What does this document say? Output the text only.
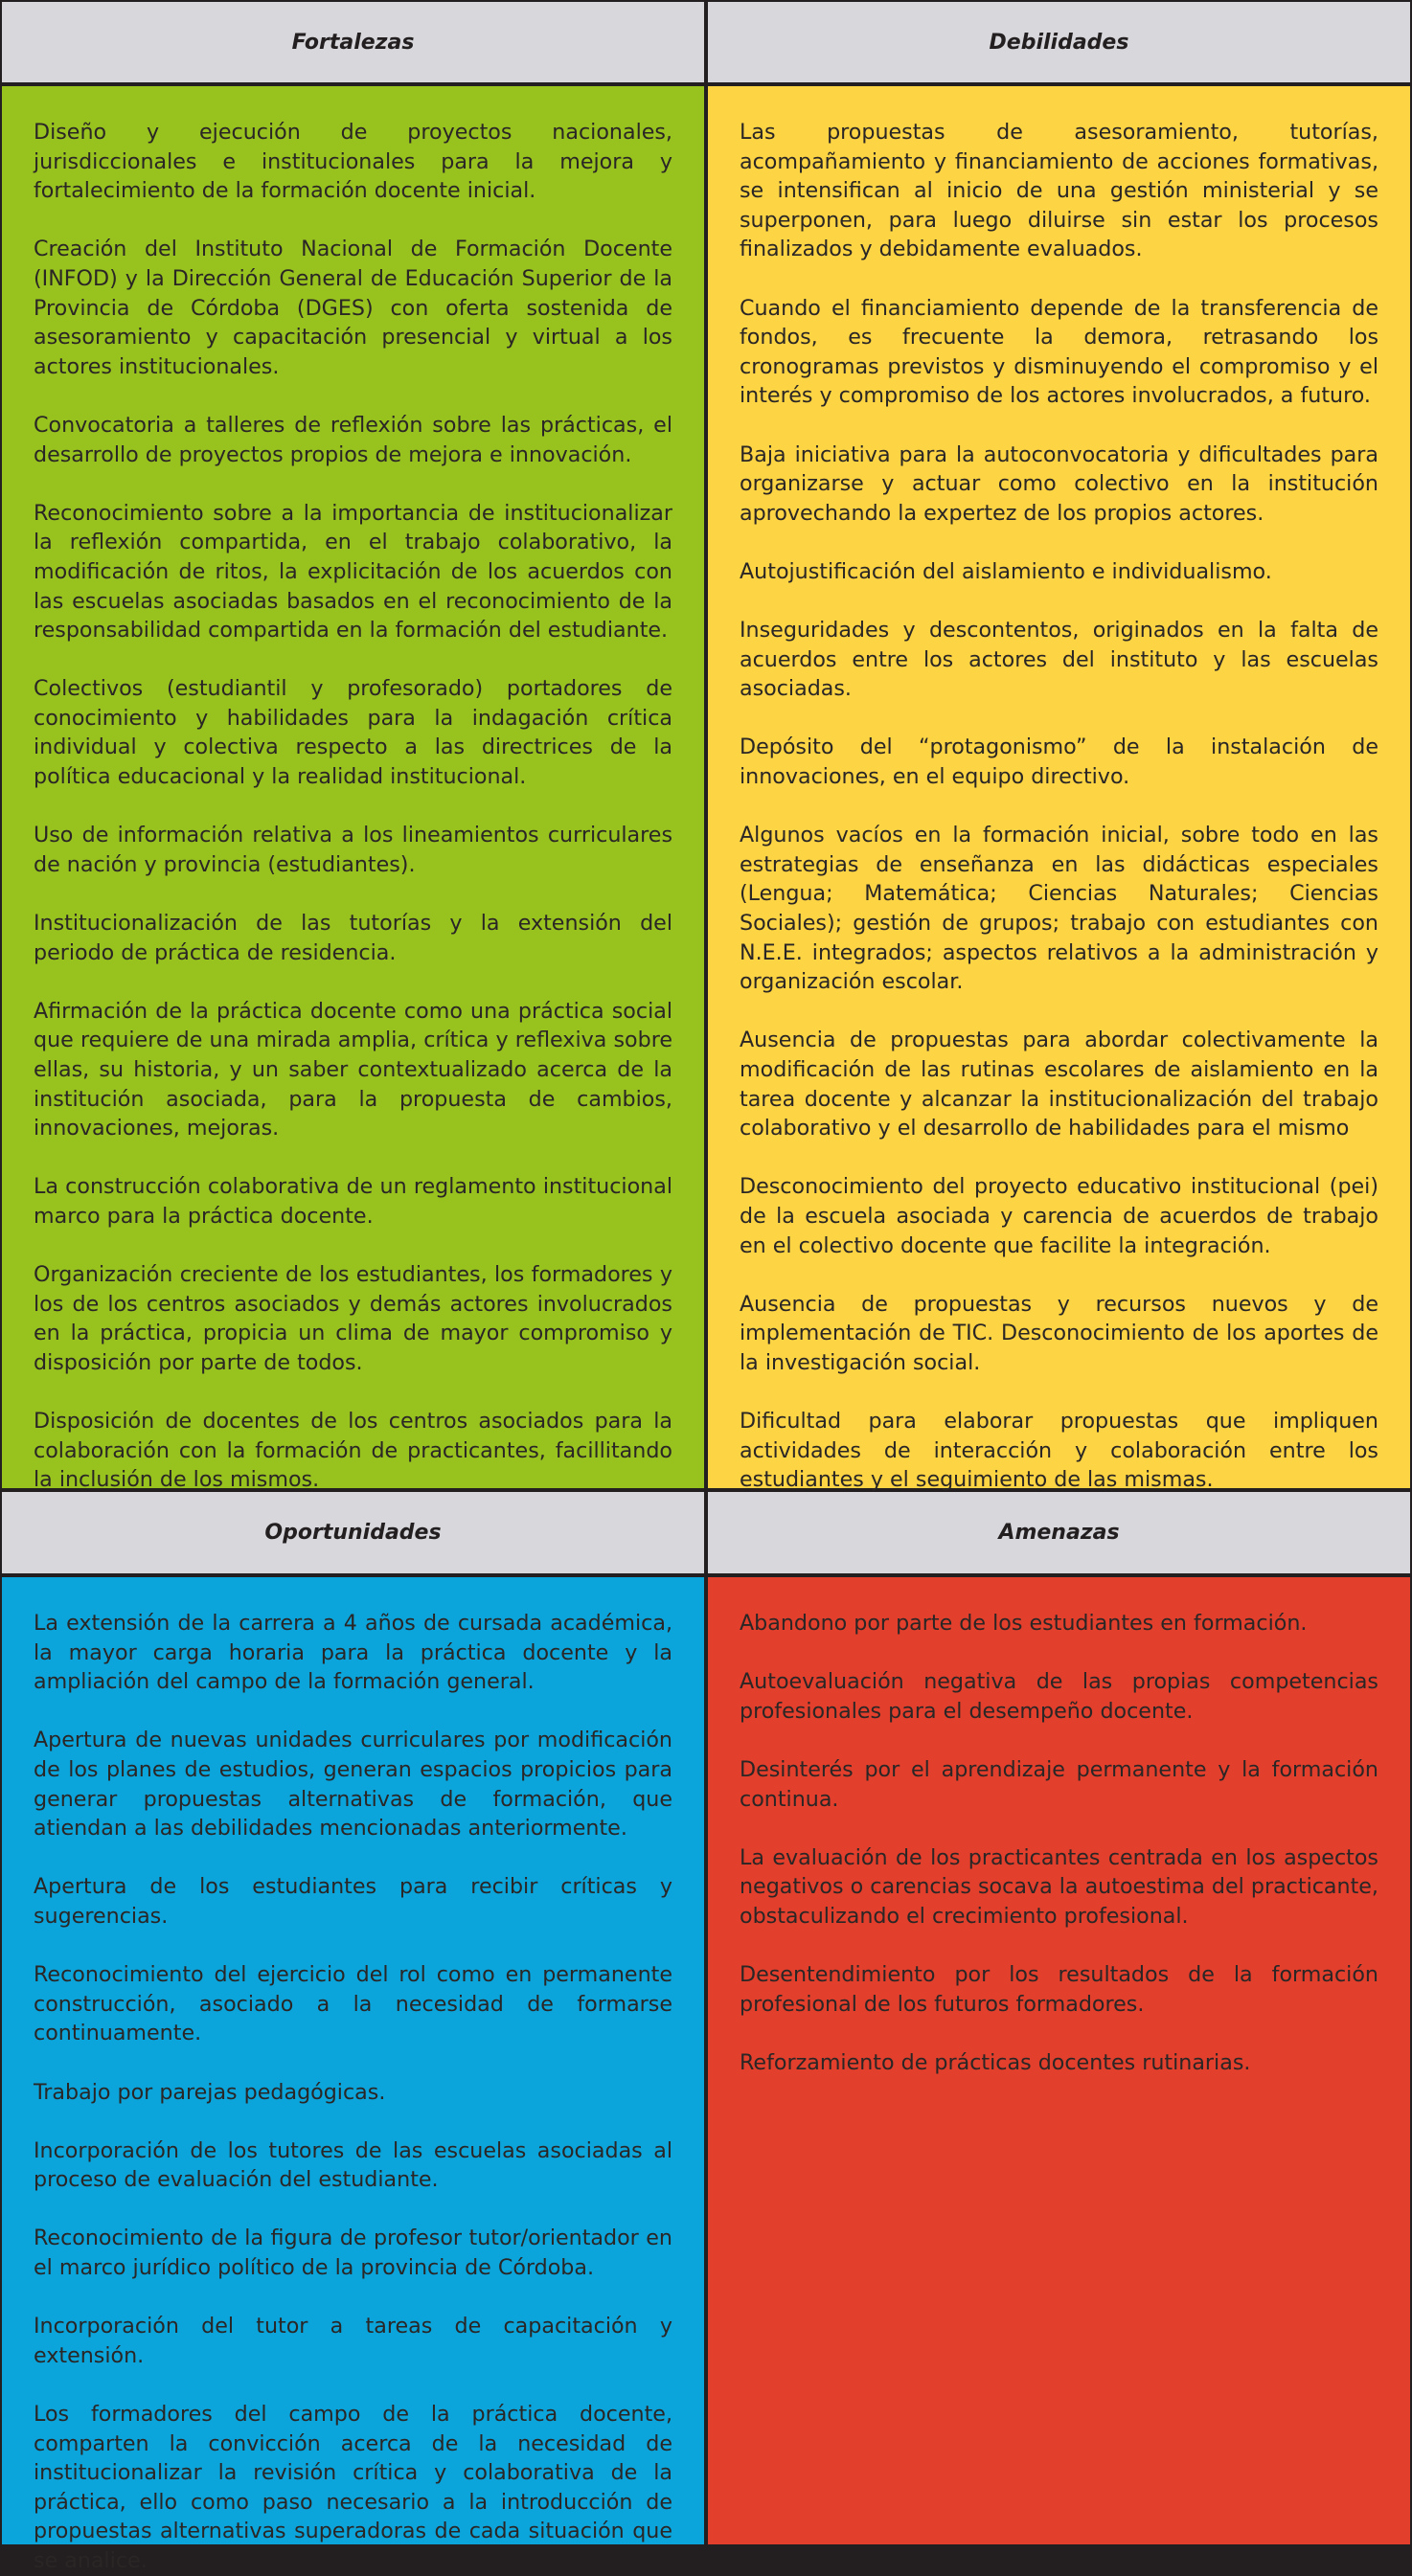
Fortalezas	Debilidades

Diseño y ejecución de proyectos nacionales, jurisdiccionales e institucionales para la mejora y fortalecimiento de la formación docente inicial.

Creación del Instituto Nacional de Formación Docente (INFOD) y la Dirección General de Educación Superior de la Provincia de Córdoba (DGES) con oferta sostenida de asesoramiento y capacitación presencial y virtual a los actores institucionales.

Convocatoria a talleres de reflexión sobre las prácticas, el desarrollo de proyectos propios de mejora e innovación.

Reconocimiento sobre a la importancia de institucionalizar la reflexión compartida, en el trabajo colaborativo, la modificación de ritos, la explicitación de los acuerdos con las escuelas asociadas basados en el reconocimiento de la responsabilidad compartida en la formación del estudiante.

Colectivos (estudiantil y profesorado) portadores de conocimiento y habilidades para la indagación crítica individual y colectiva respecto a las directrices de la política educacional y la realidad institucional.

Uso de información relativa a los lineamientos curriculares de nación y provincia (estudiantes).

Institucionalización de las tutorías y la extensión del periodo de práctica de residencia.

Afirmación de la práctica docente como una práctica social que requiere de una mirada amplia, crítica y reflexiva sobre ellas, su historia, y un saber contextualizado acerca de la institución asociada, para la propuesta de cambios, innovaciones, mejoras.

La construcción colaborativa de un reglamento institucional marco para la práctica docente.

Organización creciente de los estudiantes, los formadores y los de los centros asociados y demás actores involucrados en la práctica, propicia un clima de mayor compromiso y disposición por parte de todos.

Disposición de docentes de los centros asociados para la colaboración con la formación de practicantes, facillitando la inclusión de los mismos.

Las propuestas de asesoramiento, tutorías, acompañamiento y financiamiento de acciones formativas, se intensifican al inicio de una gestión ministerial y se superponen, para luego diluirse sin estar los procesos finalizados y debidamente evaluados.

Cuando el financiamiento depende de la transferencia de fondos, es frecuente la demora, retrasando los cronogramas previstos y disminuyendo el compromiso y el interés y compromiso de los actores involucrados, a futuro.

Baja iniciativa para la autoconvocatoria y dificultades para organizarse y actuar como colectivo en la institución aprovechando la expertez de los propios actores.

Autojustificación del aislamiento e individualismo.

Inseguridades y descontentos, originados en la falta de acuerdos entre los actores del instituto y las escuelas asociadas.

Depósito del “protagonismo” de la instalación de innovaciones, en el equipo directivo.

Algunos vacíos en la formación inicial, sobre todo en las estrategias de enseñanza en las didácticas especiales (Lengua; Matemática; Ciencias Naturales; Ciencias Sociales); gestión de grupos; trabajo con estudiantes con N.E.E. integrados; aspectos relativos a la administración y organización escolar.

Ausencia de propuestas para abordar colectivamente la modificación de las rutinas escolares de aislamiento en la tarea docente y alcanzar la institucionalización del trabajo colaborativo y el desarrollo de habilidades para el mismo

Desconocimiento del proyecto educativo institucional (pei) de la escuela asociada y carencia de acuerdos de trabajo en el colectivo docente que facilite la integración.

Ausencia de propuestas y recursos nuevos y de implementación de TIC. Desconocimiento de los aportes de la investigación social.

Dificultad para elaborar propuestas que impliquen actividades de interacción y colaboración entre los estudiantes y el seguimiento de las mismas.

Oportunidades	Amenazas

La extensión de la carrera a 4 años de cursada académica, la mayor carga horaria para la práctica docente y la ampliación del campo de la formación general.

Apertura de nuevas unidades curriculares por modificación de los planes de estudios, generan espacios propicios para generar propuestas alternativas de formación, que atiendan a las debilidades mencionadas anteriormente.

Apertura de los estudiantes para recibir críticas y sugerencias.

Reconocimiento del ejercicio del rol como en permanente construcción, asociado a la necesidad de formarse continuamente.

Trabajo por parejas pedagógicas.

Incorporación de los tutores de las escuelas asociadas al proceso de evaluación del estudiante.

Reconocimiento de la figura de profesor tutor/orientador en el marco jurídico político de la provincia de Córdoba.

Incorporación del tutor a tareas de capacitación y extensión.

Los formadores del campo de la práctica docente, comparten la convicción acerca de la necesidad de institucionalizar la revisión crítica y colaborativa de la práctica, ello como paso necesario a la introducción de propuestas alternativas superadoras de cada situación que se analice.

Abandono por parte de los estudiantes en formación.

Autoevaluación negativa de las propias competencias profesionales para el desempeño docente.

Desinterés por el aprendizaje permanente y la formación continua.

La evaluación de los practicantes centrada en los aspectos negativos o carencias socava la autoestima del practicante, obstaculizando el crecimiento profesional.

Desentendimiento por los resultados de la formación profesional de los futuros formadores.

Reforzamiento de prácticas docentes rutinarias.
